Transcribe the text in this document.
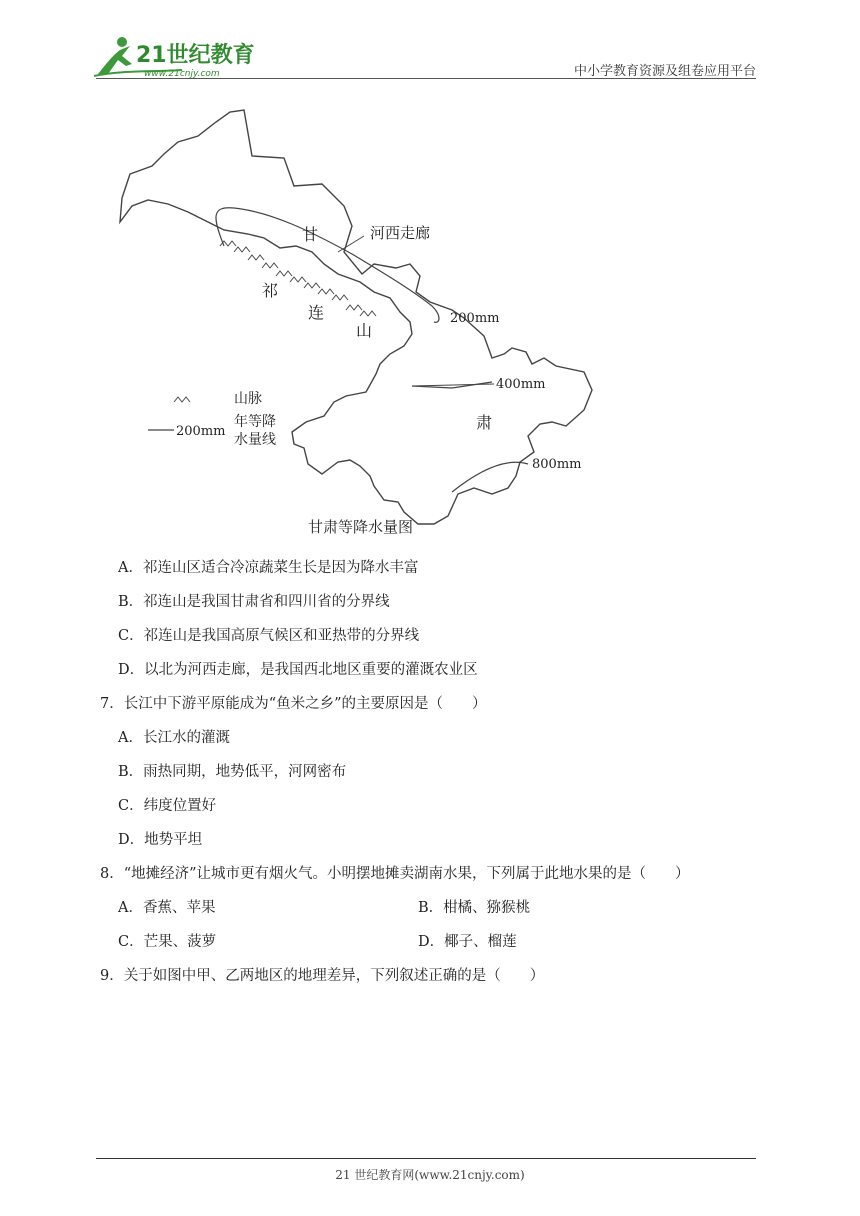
21世纪教育
www.21cnjy.com	中小学教育资源及组卷应用平台
甘	河西走廊
祁
连
山
200mm
400mm
肃
800mm
山脉
200mm
年等降
水量线
甘肃等降水量图
A．祁连山区适合冷凉蔬菜生长是因为降水丰富
B．祁连山是我国甘肃省和四川省的分界线
C．祁连山是我国高原气候区和亚热带的分界线
D．以北为河西走廊，是我国西北地区重要的灌溉农业区
7．长江中下游平原能成为“鱼米之乡”的主要原因是（　　）
A．长江水的灌溉
B．雨热同期，地势低平，河网密布
C．纬度位置好
D．地势平坦
8．“地摊经济”让城市更有烟火气。小明摆地摊卖湖南水果，下列属于此地水果的是（　　）
A．香蕉、苹果	B．柑橘、猕猴桃
C．芒果、菠萝	D．椰子、榴莲
9．关于如图中甲、乙两地区的地理差异，下列叙述正确的是（　　）
21 世纪教育网(www.21cnjy.com)
